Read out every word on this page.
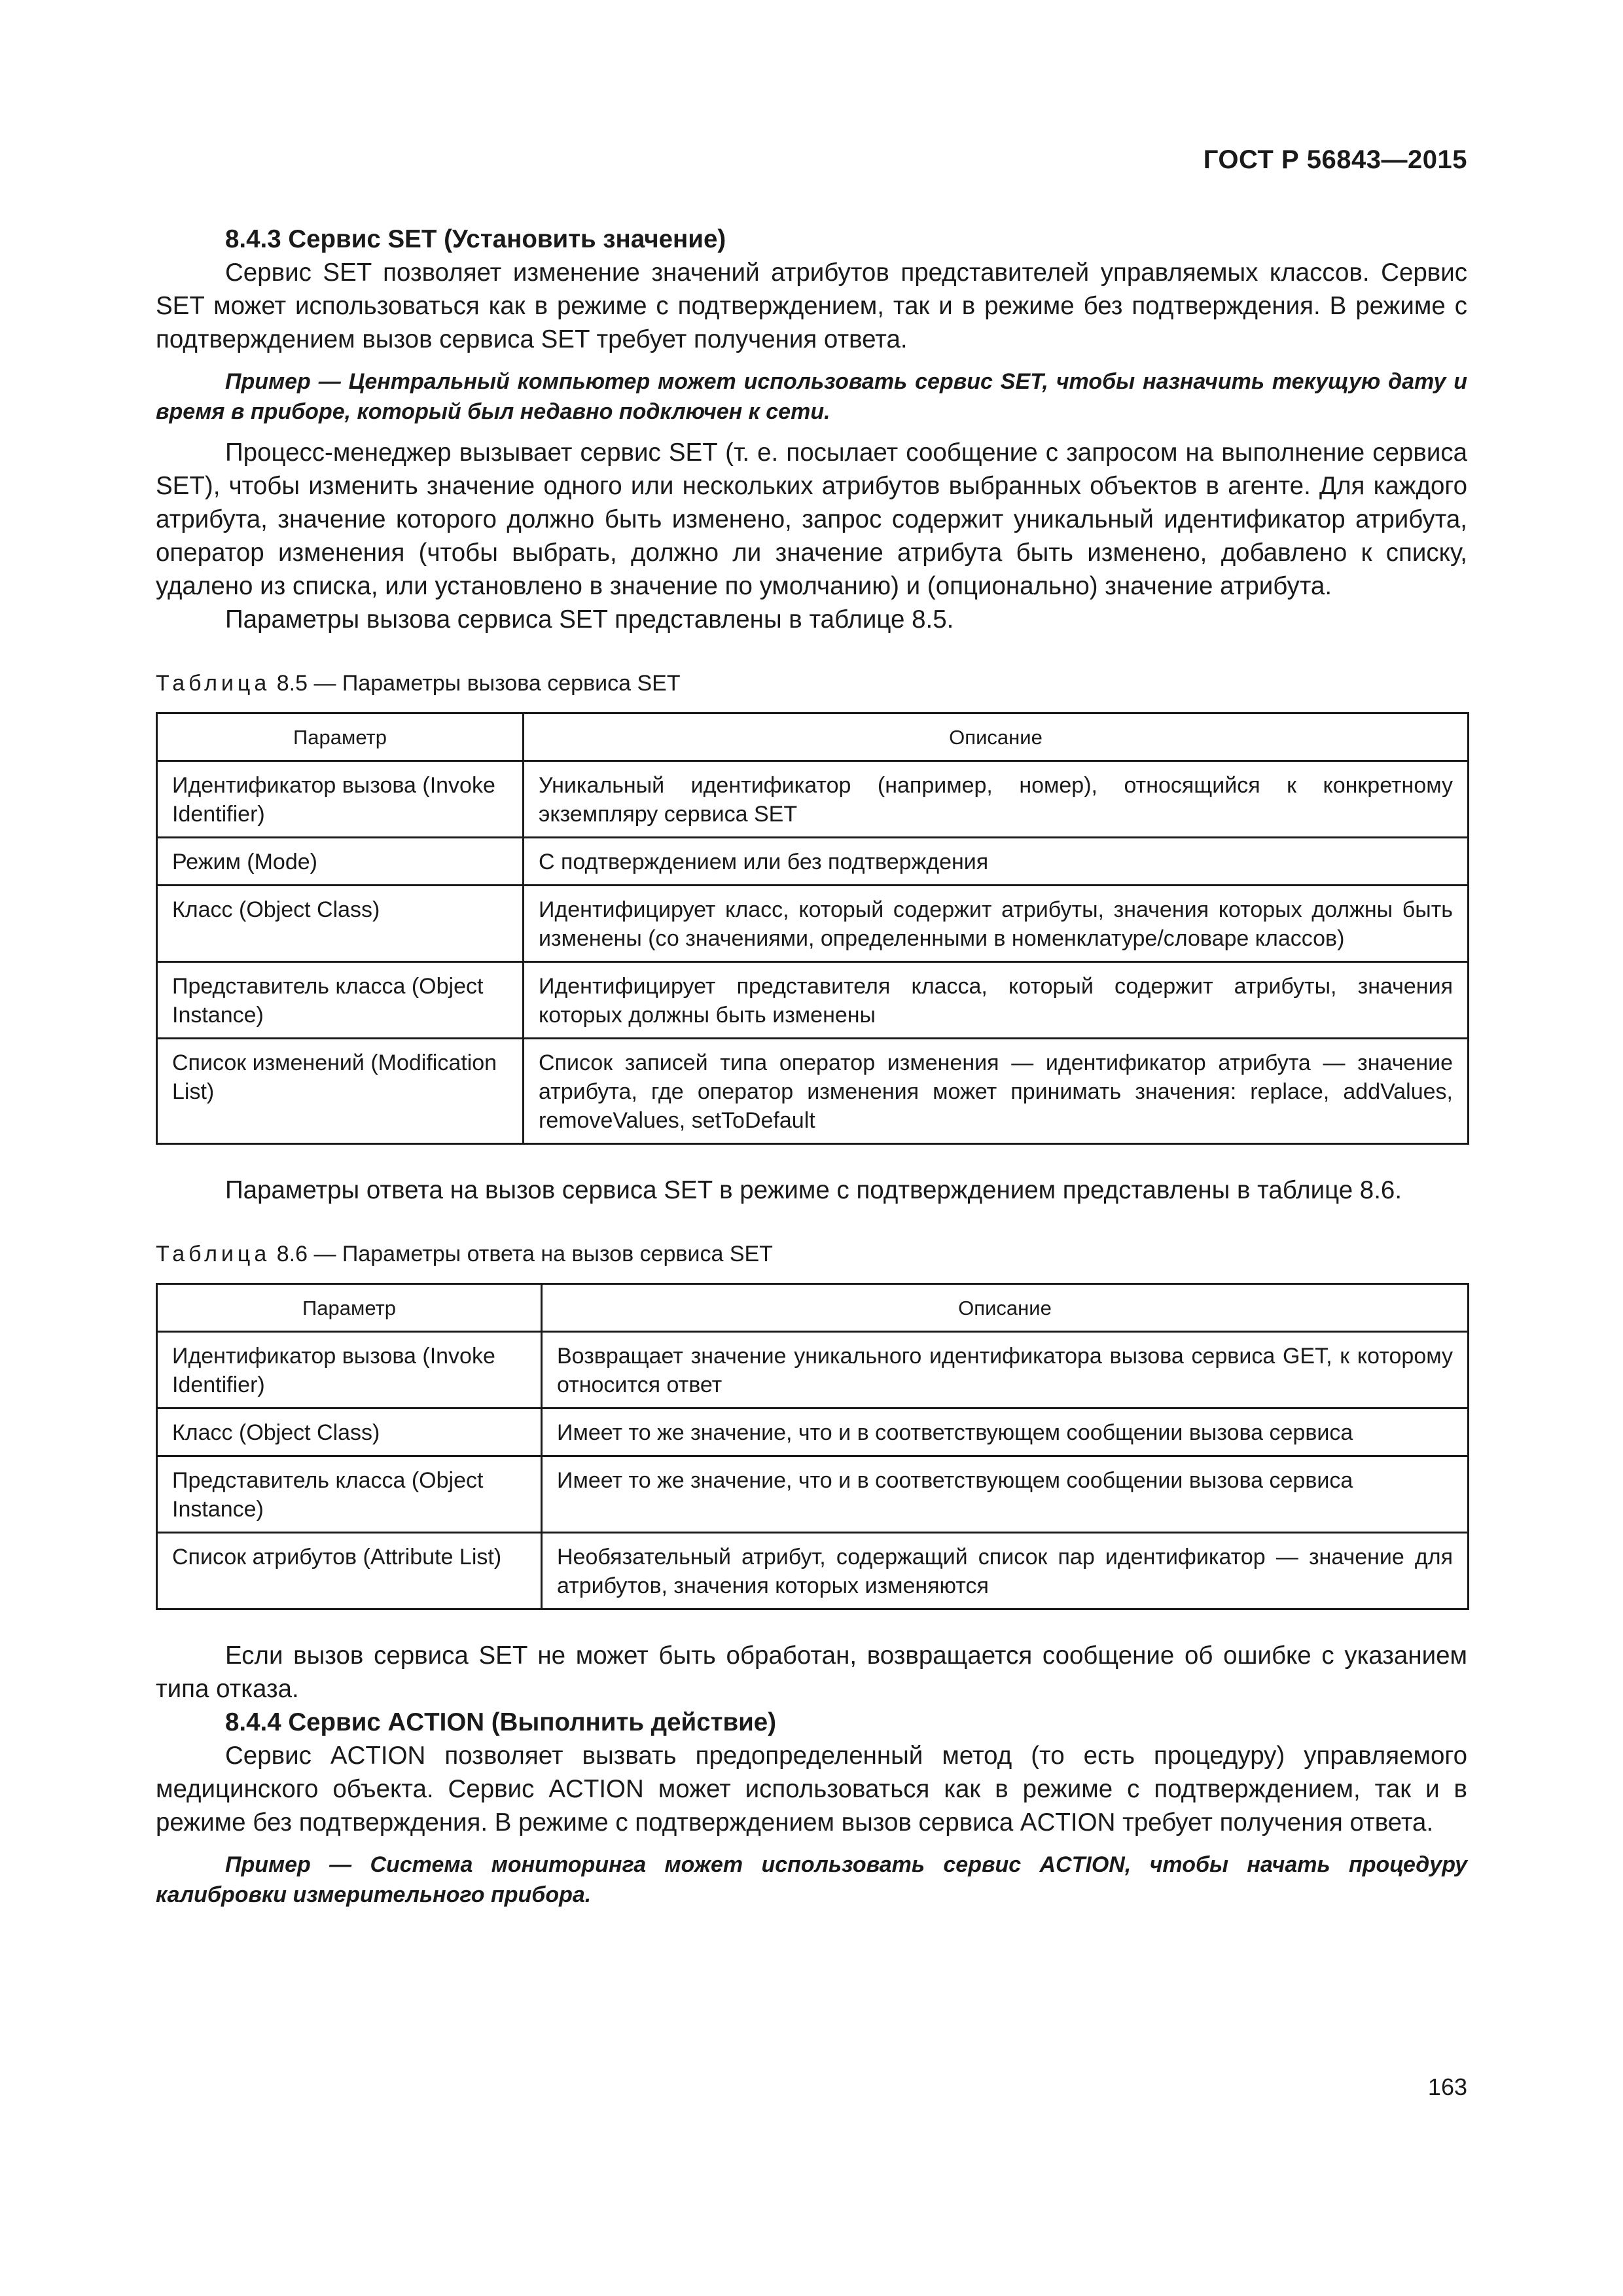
ГОСТ Р 56843—2015
8.4.3 Сервис SET (Установить значение)

Сервис SET позволяет изменение значений атрибутов представителей управляемых классов. Сервис SET может использоваться как в режиме с подтверждением, так и в режиме без подтверждения. В режиме с подтверждением вызов сервиса SET требует получения ответа.

Пример — Центральный компьютер может использовать сервис SET, чтобы назначить текущую дату и время в приборе, который был недавно подключен к сети.

Процесс-менеджер вызывает сервис SET (т. е. посылает сообщение с запросом на выполнение сервиса SET), чтобы изменить значение одного или нескольких атрибутов выбранных объектов в агенте. Для каждого атрибута, значение которого должно быть изменено, запрос содержит уникальный идентификатор атрибута, оператор изменения (чтобы выбрать, должно ли значение атрибута быть изменено, добавлено к списку, удалено из списка, или установлено в значение по умолчанию) и (опционально) значение атрибута.

Параметры вызова сервиса SET представлены в таблице 8.5.

Таблица 8.5 — Параметры вызова сервиса SET
Параметр	Описание
Идентификатор вызова (Invoke Identifier)	Уникальный идентификатор (например, номер), относящийся к конкретному экземпляру сервиса SET
Режим (Mode)	С подтверждением или без подтверждения
Класс (Object Class)	Идентифицирует класс, который содержит атрибуты, значения которых должны быть изменены (со значениями, определенными в номенклатуре/словаре классов)
Представитель класса (Object Instance)	Идентифицирует представителя класса, который содержит атрибуты, значения которых должны быть изменены
Список изменений (Modification List)	Список записей типа оператор изменения — идентификатор атрибута — значение атрибута, где оператор изменения может принимать значения: replace, addValues, removeValues, setToDefault

Параметры ответа на вызов сервиса SET в режиме с подтверждением представлены в таблице 8.6.

Таблица 8.6 — Параметры ответа на вызов сервиса SET
Параметр	Описание
Идентификатор вызова (Invoke Identifier)	Возвращает значение уникального идентификатора вызова сервиса GET, к которому относится ответ
Класс (Object Class)	Имеет то же значение, что и в соответствующем сообщении вызова сервиса
Представитель класса (Object Instance)	Имеет то же значение, что и в соответствующем сообщении вызова сервиса
Список атрибутов (Attribute List)	Необязательный атрибут, содержащий список пар идентификатор — значение для атрибутов, значения которых изменяются

Если вызов сервиса SET не может быть обработан, возвращается сообщение об ошибке с указанием типа отказа.

8.4.4 Сервис ACTION (Выполнить действие)

Сервис ACTION позволяет вызвать предопределенный метод (то есть процедуру) управляемого медицинского объекта. Сервис ACTION может использоваться как в режиме с подтверждением, так и в режиме без подтверждения. В режиме с подтверждением вызов сервиса ACTION требует получения ответа.

Пример — Система мониторинга может использовать сервис ACTION, чтобы начать процедуру калибровки измерительного прибора.

163
